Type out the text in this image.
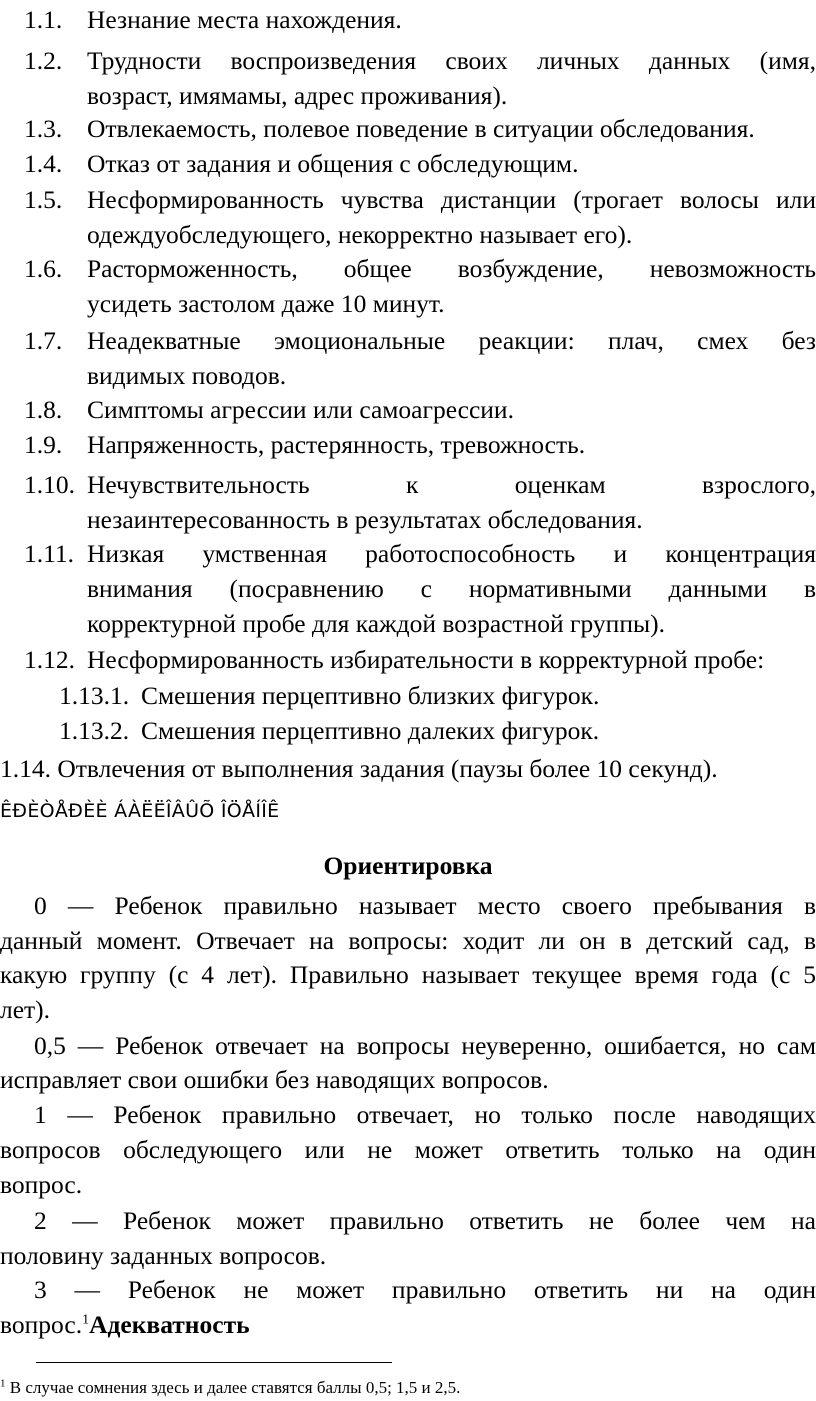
1.1. Незнание места нахождения.
1.2. Трудности воспроизведения своих личных данных (имя,
возраст, имямамы, адрес проживания).
1.3. Отвлекаемость, полевое поведение в ситуации обследования.
1.4. Отказ от задания и общения с обследующим.
1.5. Несформированность чувства дистанции (трогает волосы или
одеждуобследующего, некорректно называет его).
1.6. Расторможенность, общее возбуждение, невозможность
усидеть застолом даже 10 минут.
1.7. Неадекватные эмоциональные реакции: плач, смех без
видимых поводов.
1.8. Симптомы агрессии или самоагрессии.
1.9. Напряженность, растерянность, тревожность.
1.10. Нечувствительность к оценкам взрослого,
незаинтересованность в результатах обследования.
1.11. Низкая умственная работоспособность и концентрация
внимания (посравнению с нормативными данными в
корректурной пробе для каждой возрастной группы).
1.12. Несформированность избирательности в корректурной пробе:
1.13.1. Смешения перцептивно близких фигурок.
1.13.2. Смешения перцептивно далеких фигурок.
1.14. Отвлечения от выполнения задания (паузы более 10 секунд).
ÊÐÈÒÅÐÈÈ ÁÀËËÎÂÛÕ ÎÖÅÍÎÊ
Ориентировка
0 — Ребенок правильно называет место своего пребывания в
данный момент. Отвечает на вопросы: ходит ли он в детский сад, в
какую группу (с 4 лет). Правильно называет текущее время года (с 5
лет).
0,5 — Ребенок отвечает на вопросы неуверенно, ошибается, но сам
исправляет свои ошибки без наводящих вопросов.
1 — Ребенок правильно отвечает, но только после наводящих
вопросов обследующего или не может ответить только на один
вопрос.
2 — Ребенок может правильно ответить не более чем на
половину заданных вопросов.
3 — Ребенок не может правильно ответить ни на один
вопрос.$^1$Адекватность
$^1$ В случае сомнения здесь и далее ставятся баллы 0,5; 1,5 и 2,5.
